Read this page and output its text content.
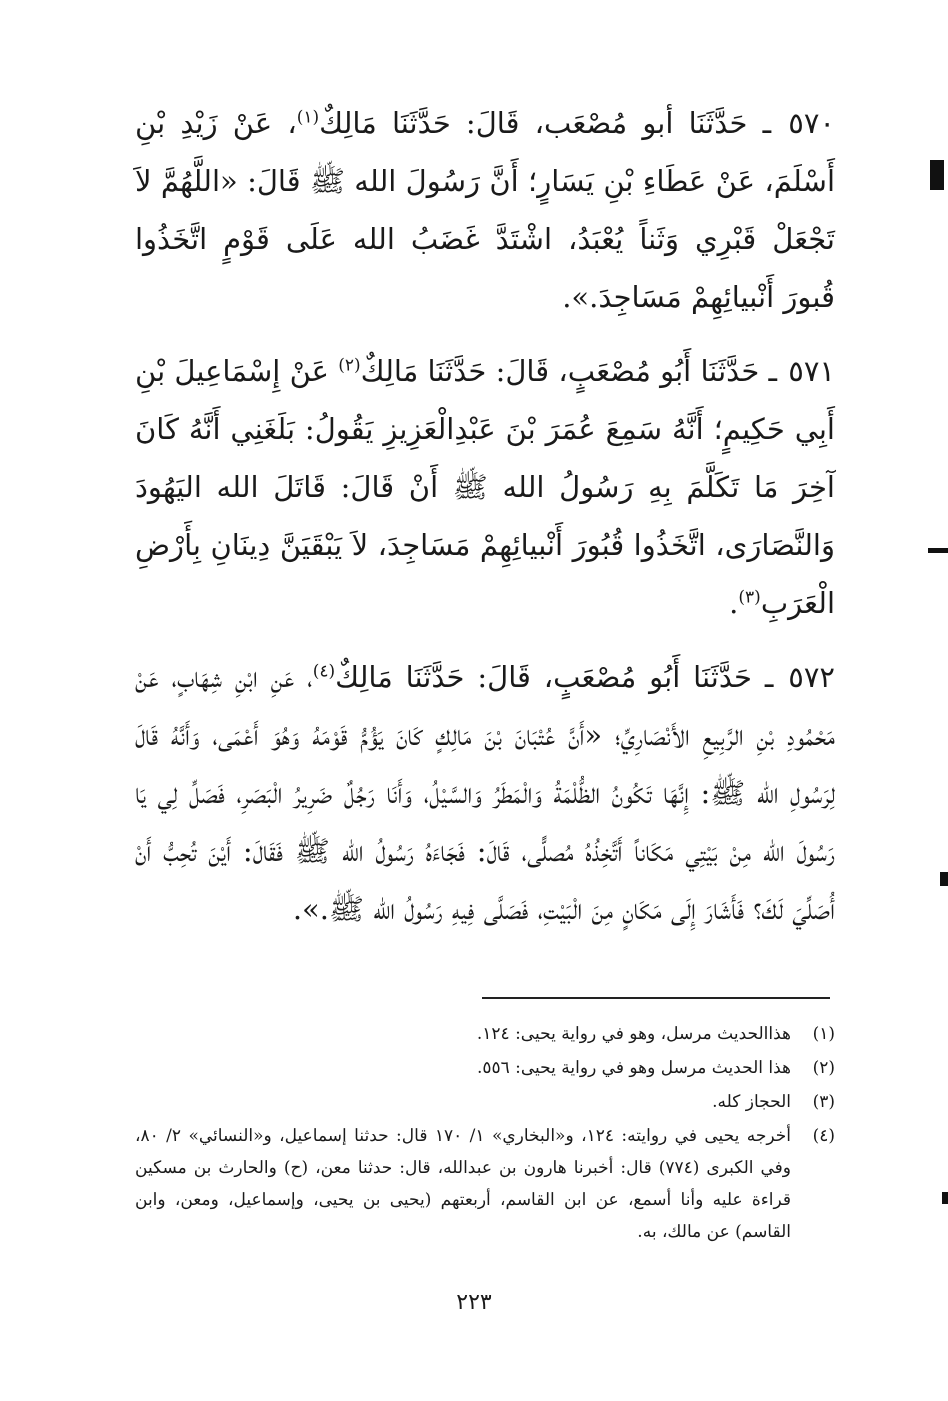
٥٧٠ ـ حَدَّثَنَا أبو مُصْعَب، قَالَ: حَدَّثَنَا مَالِكٌ$^{(١)}$، عَنْ زَيْدِ بْنِ أَسْلَمَ، عَنْ عَطَاءِ بْنِ يَسَارٍ؛ أَنَّ رَسُولَ الله ﷺ قَالَ: «اللَّهُمَّ لاَ تَجْعَلْ قَبْرِي وَثَناً يُعْبَدُ، اشْتَدَّ غَضَبُ الله عَلَى قَوْمٍ اتَّخَذُوا قُبورَ أَنْبيائِهِمْ مَسَاجِدَ.».

٥٧١ ـ حَدَّثَنَا أَبُو مُصْعَبٍ، قَالَ: حَدَّثَنَا مَالِكٌ$^{(٢)}$ عَنْ إِسْمَاعِيلَ بْنِ أَبِي حَكِيمٍ؛ أَنَّهُ سَمِعَ عُمَرَ بْنَ عَبْدِالْعَزِيزِ يَقُولُ: بَلَغَنِي أَنَّهُ كَانَ آخِرَ مَا تَكَلَّمَ بِهِ رَسُولُ الله ﷺ أَنْ قَالَ: قَاتَلَ الله اليَهُودَ وَالنَّصَارَى، اتَّخَذُوا قُبُورَ أَنْبيائِهِمْ مَسَاجِدَ، لاَ يَبْقَيَنَّ دِينَانِ بِأَرْضِ الْعَرَبِ$^{(٣)}$.

٥٧٢ ـ حَدَّثَنَا أَبُو مُصْعَبٍ، قَالَ: حَدَّثَنَا مَالِكٌ$^{(٤)}$، عَنِ ابْنِ شِهَابٍ، عَنْ مَحْمُودِ بْنِ الرَّبِيعِ الأَنْصَارِيِّ؛ «أَنَّ عُتْبَانَ بْنَ مَالِكٍ كَانَ يَؤُمُّ قَوْمَهُ وَهُوَ أَعْمَى، وَأَنَّهُ قَالَ لِرَسُولِ الله ﷺ: إِنَّهَا تَكُونُ الظُّلْمَةُ وَالْمَطَرُ وَالسَّيْلُ، وَأَنَا رَجُلٌ ضَرِيرُ الْبَصَرِ، فَصَلِّ لِي يَا رَسُولَ الله مِنْ بَيْتِي مَكَاناً أَتَّخِذُهُ مُصلًّى، قَالَ: فَجَاءَهُ رَسُولُ الله ﷺ فَقَالَ: أَيْنَ تُحِبُّ أَنْ أُصَلِّيَ لَكَ؟ فَأَشَارَ إِلَى مَكَانٍ مِنَ الْبَيْتِ، فَصَلَّى فِيهِ رَسُولُ الله ﷺ.».

(١)
هذاالحديث مرسل، وهو في رواية يحيى: ١٢٤.
(٢)
هذا الحديث مرسل وهو في رواية يحيى: ٥٥٦.
(٣)
الحجاز كله.
(٤)
أخرجه يحيى في روايته: ١٢٤، و«البخاري» ١/ ١٧٠ قال: حدثنا إسماعيل، و«النسائي» ٢/ ٨٠، وفي الكبرى (٧٧٤) قال: أخبرنا هارون بن عبدالله، قال: حدثنا معن، (ح) والحارث بن مسكين قراءة عليه وأنا أسمع، عن ابن القاسم، أربعتهم (يحيى بن يحيى، وإسماعيل، ومعن، وابن القاسم) عن مالك، به.
٢٢٣
